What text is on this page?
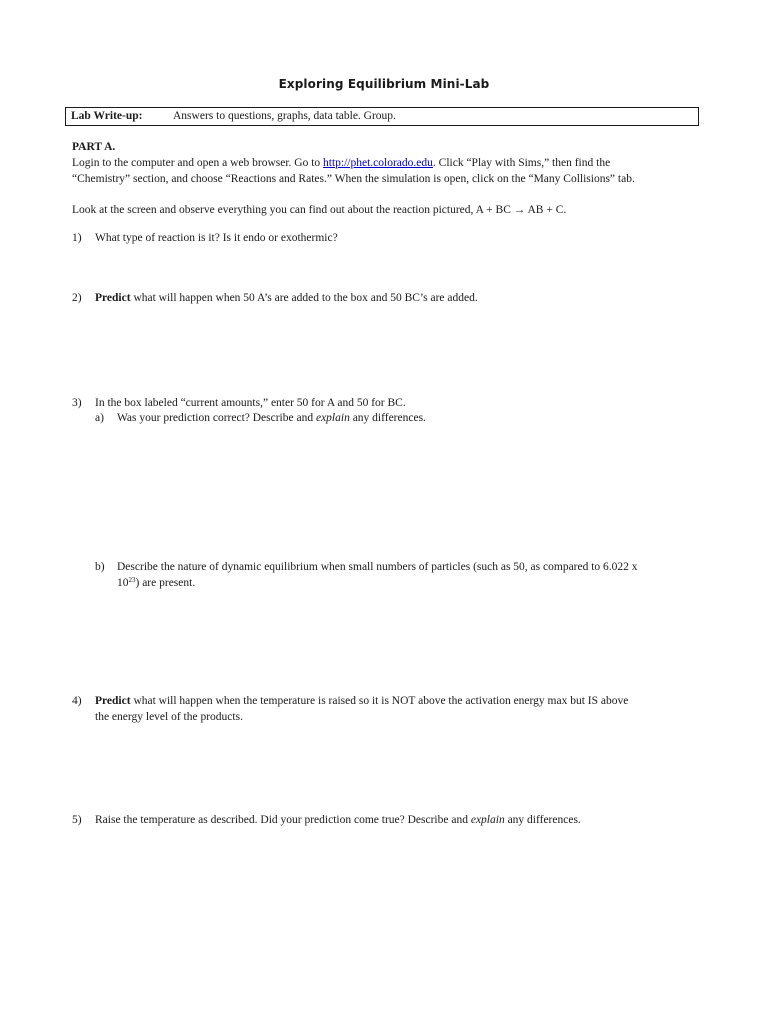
Exploring Equilibrium Mini-Lab
Lab Write-up:	Answers to questions, graphs, data table. Group.
PART A.
Login to the computer and open a web browser. Go to http://phet.colorado.edu. Click “Play with Sims,” then find the
“Chemistry” section, and choose “Reactions and Rates.” When the simulation is open, click on the “Many Collisions” tab.
Look at the screen and observe everything you can find out about the reaction pictured, A + BC → AB + C.
1) What type of reaction is it? Is it endo or exothermic?
2) Predict what will happen when 50 A’s are added to the box and 50 BC’s are added.
3) In the box labeled “current amounts,” enter 50 for A and 50 for BC.
a) Was your prediction correct? Describe and explain any differences.
b) Describe the nature of dynamic equilibrium when small numbers of particles (such as 50, as compared to 6.022 x
$10^{23}$) are present.
4) Predict what will happen when the temperature is raised so it is NOT above the activation energy max but IS above
the energy level of the products.
5) Raise the temperature as described. Did your prediction come true? Describe and explain any differences.
